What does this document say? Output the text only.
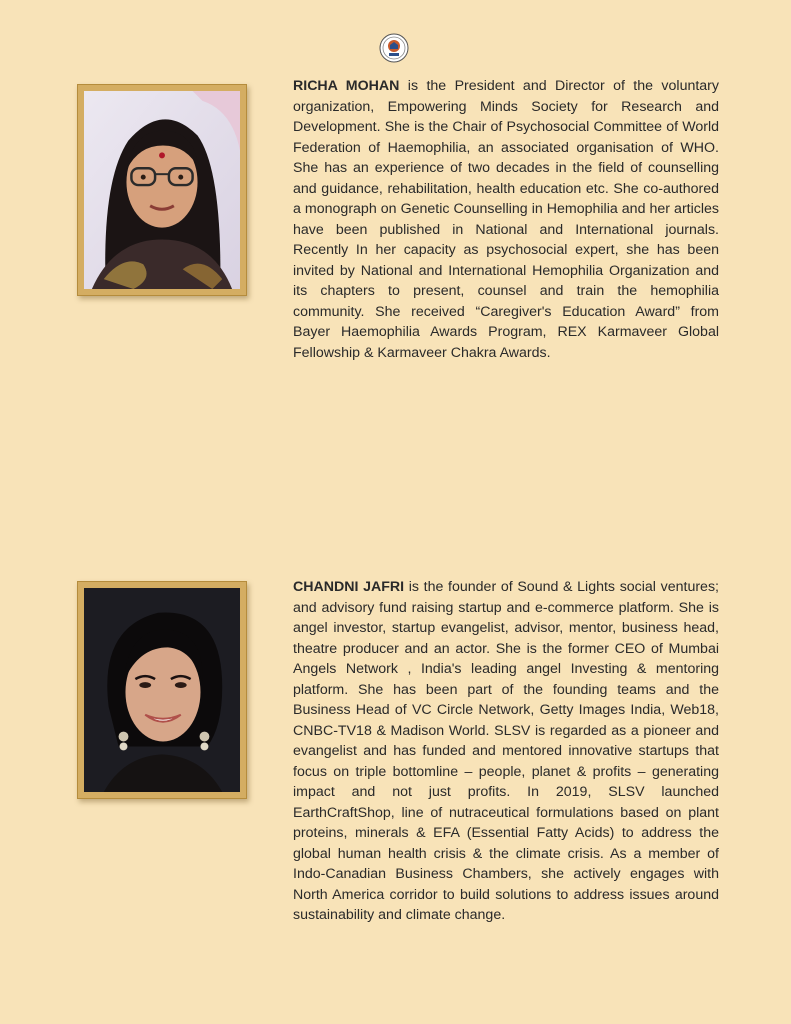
RICHA MOHAN is the President and Director of the voluntary organization, Empowering Minds Society for Research and Development. She is the Chair of Psychosocial Committee of World Federation of Haemophilia, an associated organisation of WHO. She has an experience of two decades in the field of counselling and guidance, rehabilitation, health education etc. She co-authored a monograph on Genetic Counselling in Hemophilia and her articles have been published in National and International journals. Recently In her capacity as psychosocial expert, she has been invited by National and International Hemophilia Organization and its chapters to present, counsel and train the hemophilia community. She received “Caregiver's Education Award” from Bayer Haemophilia Awards Program, REX Karmaveer Global Fellowship & Karmaveer Chakra Awards.

CHANDNI JAFRI is the founder of Sound & Lights social ventures; and advisory fund raising startup and e-commerce platform. She is angel investor, startup evangelist, advisor, mentor, business head, theatre producer and an actor. She is the former CEO of Mumbai Angels Network , India's leading angel Investing & mentoring platform. She has been part of the founding teams and the Business Head of VC Circle Network, Getty Images India, Web18, CNBC-TV18 & Madison World. SLSV is regarded as a pioneer and evangelist and has funded and mentored innovative startups that focus on triple bottomline – people, planet & profits – generating impact and not just profits. In 2019, SLSV launched EarthCraftShop, line of nutraceutical formulations based on plant proteins, minerals & EFA (Essential Fatty Acids) to address the global human health crisis & the climate crisis. As a member of Indo-Canadian Business Chambers, she actively engages with North America corridor to build solutions to address issues around sustainability and climate change.
